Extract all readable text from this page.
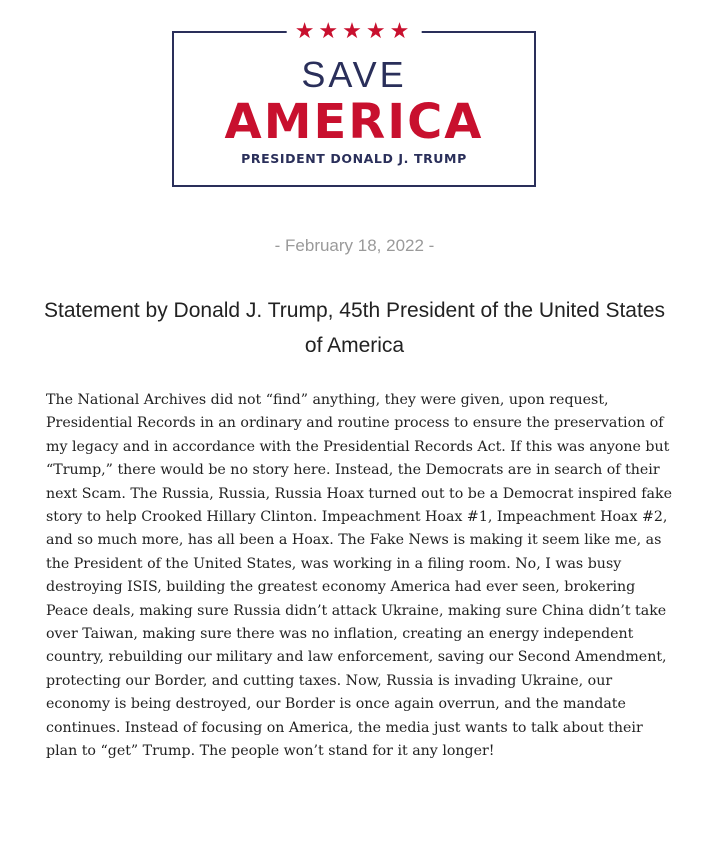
★★★★★
SAVE
AMERICA
PRESIDENT DONALD J. TRUMP
- February 18, 2022 -
Statement by Donald J. Trump, 45th President of the United States of America

The National Archives did not “find” anything, they were given, upon request, Presidential Records in an ordinary and routine process to ensure the preservation of my legacy and in accordance with the Presidential Records Act. If this was anyone but “Trump,” there would be no story here. Instead, the Democrats are in search of their next Scam. The Russia, Russia, Russia Hoax turned out to be a Democrat inspired fake story to help Crooked Hillary Clinton. Impeachment Hoax #1, Impeachment Hoax #2, and so much more, has all been a Hoax. The Fake News is making it seem like me, as the President of the United States, was working in a filing room. No, I was busy destroying ISIS, building the greatest economy America had ever seen, brokering Peace deals, making sure Russia didn’t attack Ukraine, making sure China didn’t take over Taiwan, making sure there was no inflation, creating an energy independent country, rebuilding our military and law enforcement, saving our Second Amendment, protecting our Border, and cutting taxes. Now, Russia is invading Ukraine, our economy is being destroyed, our Border is once again overrun, and the mandate continues. Instead of focusing on America, the media just wants to talk about their plan to “get” Trump. The people won’t stand for it any longer!
